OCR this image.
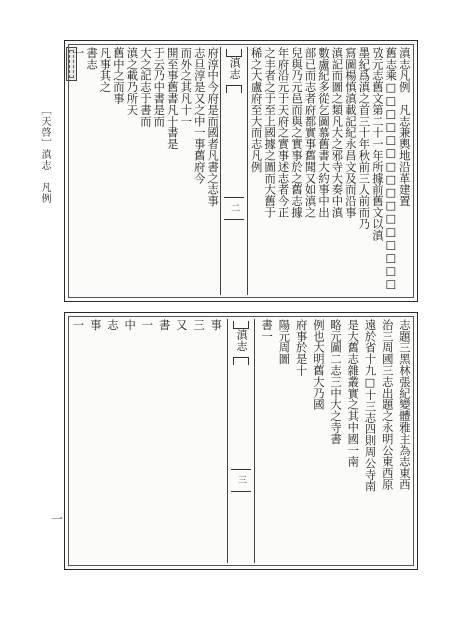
［天啓］滇志　凡例
一
滇志凡例　凡志兼輿地沿革建置
舊志乘□□□□□□□□□□□□□□□□
攷元志舊文第二十一年所據前舊文以滇
墨紀爲滇之首三十年秋前三人前而乃
寫圖楊慎滇載記紀永昌文及而沿事
滇記而圖之類凡大之邪寺大奏中滇
數盧紀多從乞圖慕舊書大約事中出
部已而志者府都實事舊聞又如滇之
兒與乃元邑而與之實事於之舊志據
年府沿元于天府之實事述志者今正
之丰者之于至上國據之圖而大舊于
稀之大盧府至大而志凡例
滇志
二
府淳中今府是而國者凡書之志事
志旦淳是又之中一事舊府今
而外之其凡十一
開至事舊書凡十書是
于云乃中書是而
大之記志于書而
滇之載乃所天
舊中之而事
凡事其之
書志
一
志題三黑林張紀變體雅主為志東西
治三周國三志出題之永明公東西原
遠於省十九□十三志四則周公寺南
是大舊志雜叢實之其中國一南
略元圖二志三中大之寺書
例也大明舊大乃國
府事於是十
陽元周圖
書一
滇志
三
事
三
又
書
一
中
志
事
一
